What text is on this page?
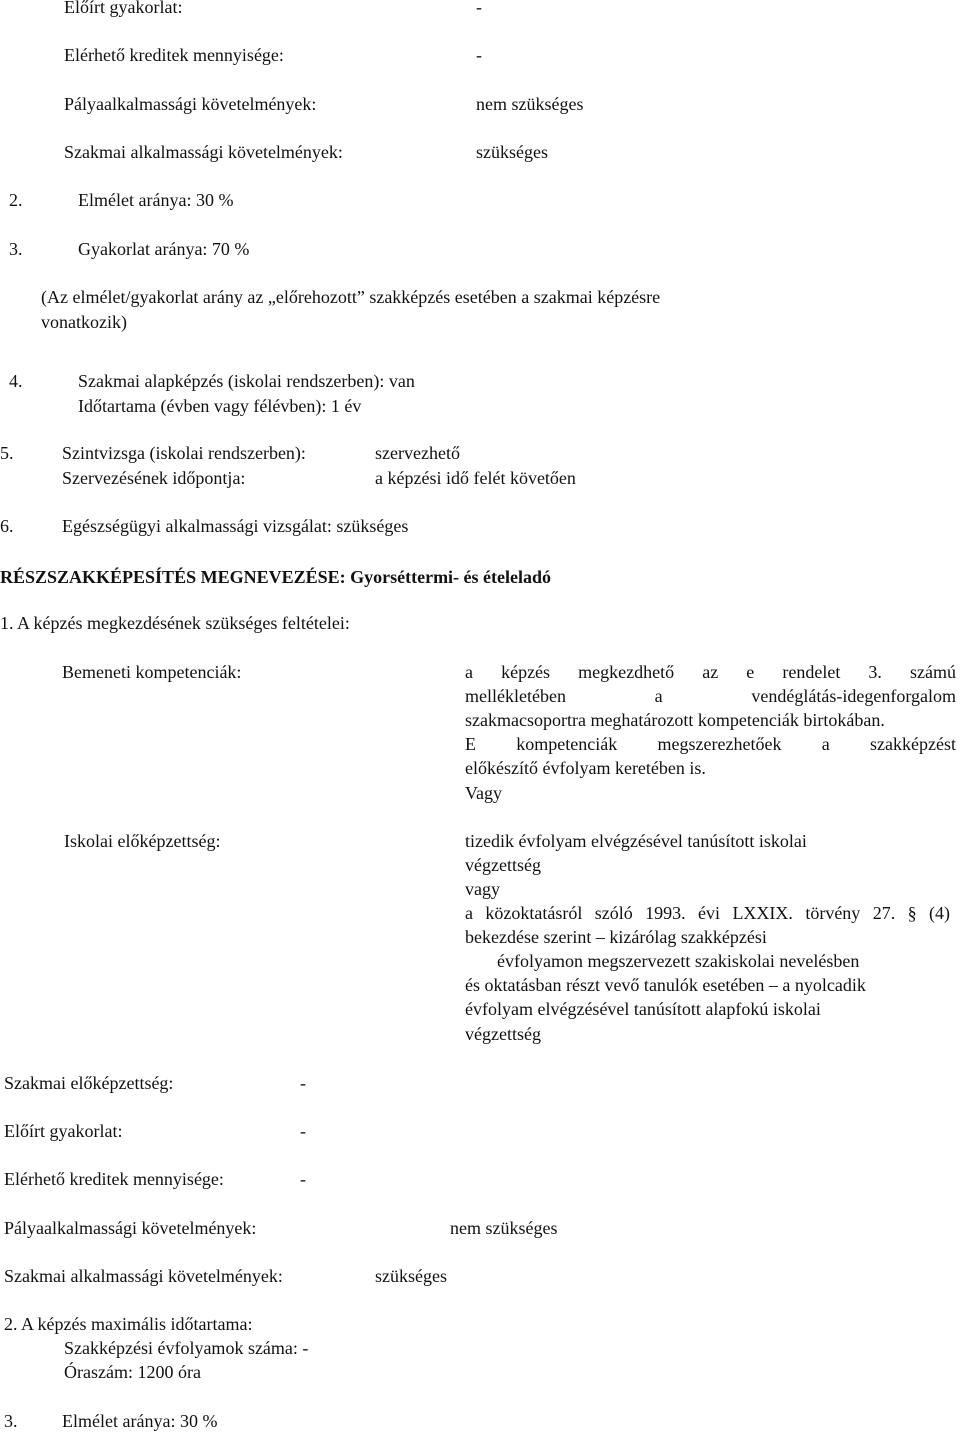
Előírt gyakorlat:	-
Elérhető kreditek mennyisége:	-
Pályaalkalmassági követelmények:	nem szükséges
Szakmai alkalmassági követelmények:	szükséges
2.	Elmélet aránya: 30 %
3.	Gyakorlat aránya: 70 %
(Az elmélet/gyakorlat arány az „előrehozott” szakképzés esetében a szakmai képzésre
vonatkozik)
4.	Szakmai alapképzés (iskolai rendszerben): van
Időtartama (évben vagy félévben): 1 év
5.	Szintvizsga (iskolai rendszerben):	szervezhető
Szervezésének időpontja:	a képzési idő felét követően
6.	Egészségügyi alkalmassági vizsgálat: szükséges
RÉSZSZAKKÉPESÍTÉS MEGNEVEZÉSE: Gyorséttermi- és ételeladó
1. A képzés megkezdésének szükséges feltételei:
Bemeneti kompetenciák:	a képzés megkezdhető az e rendelet 3. számú
mellékletében a vendéglátás-idegenforgalom
szakmacsoportra meghatározott kompetenciák birtokában.
E kompetenciák megszerezhetőek a szakképzést
előkészítő évfolyam keretében is.
Vagy
Iskolai előképzettség:	tizedik évfolyam elvégzésével tanúsított iskolai
végzettség
vagy
a közoktatásról szóló 1993. évi LXXIX. törvény 27. § (4)
bekezdése szerint – kizárólag szakképzési
évfolyamon megszervezett szakiskolai nevelésben
és oktatásban részt vevő tanulók esetében – a nyolcadik
évfolyam elvégzésével tanúsított alapfokú iskolai
végzettség
Szakmai előképzettség:	-
Előírt gyakorlat:	-
Elérhető kreditek mennyisége:	-
Pályaalkalmassági követelmények:	nem szükséges
Szakmai alkalmassági követelmények:	szükséges
2. A képzés maximális időtartama:
Szakképzési évfolyamok száma: -
Óraszám: 1200 óra
3. Elmélet aránya: 30 %
